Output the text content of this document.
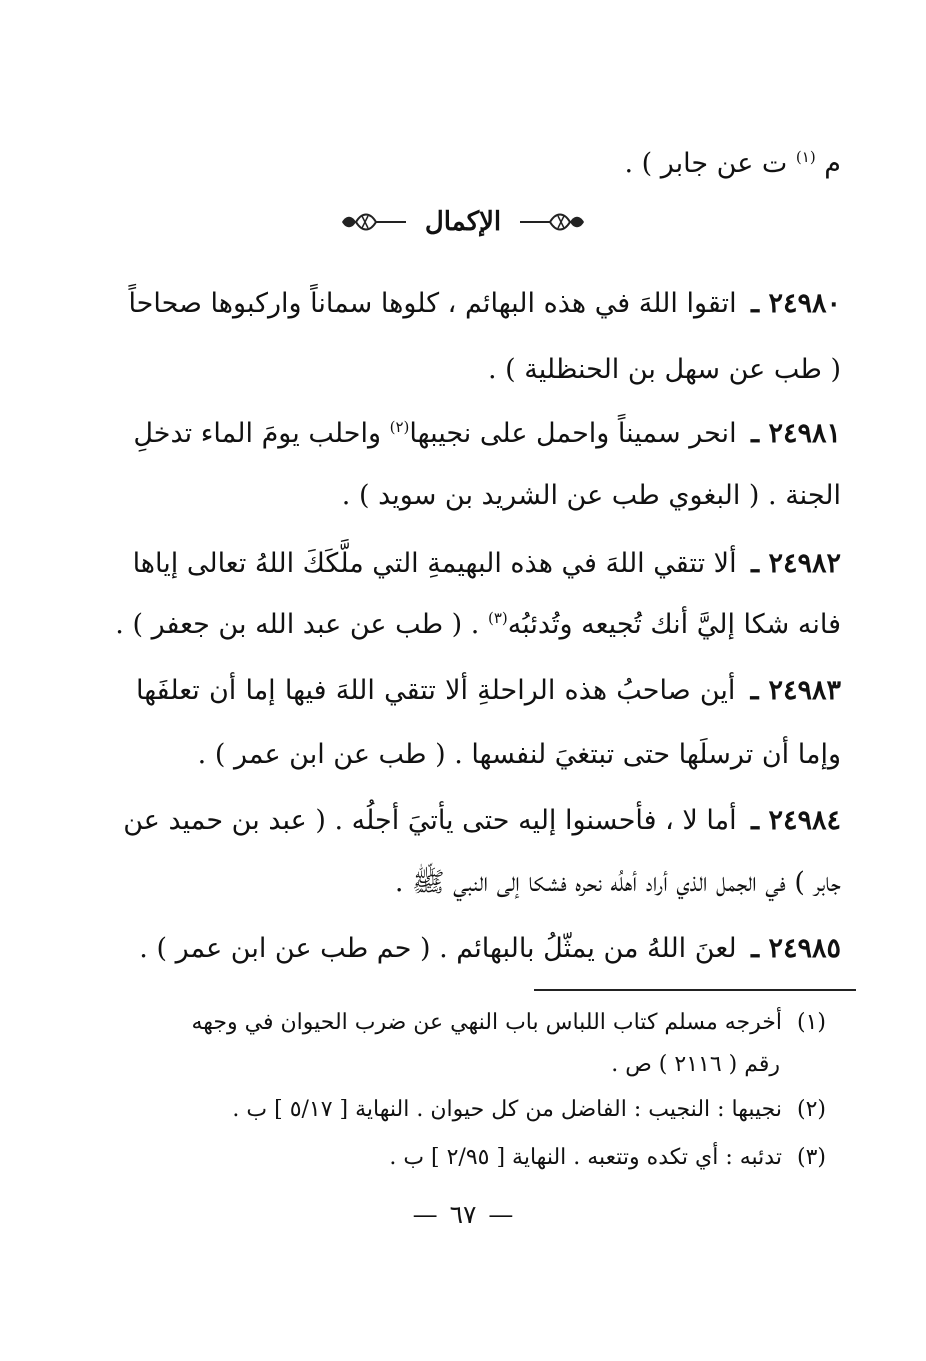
م $^{(١)}$ ت عن جابر ) .
الإكمال
٢٤٩٨٠ ـ اتقوا اللهَ في هذه البهائم ، كلوها سماناً واركبوها صحاحاً
( طب عن سهل بن الحنظلية ) .
٢٤٩٨١ ـ انحر سميناً واحمل على نجيبها$^{(٢)}$ واحلب يومَ الماء تدخلِ
الجنة . ( البغوي طب عن الشريد بن سويد ) .
٢٤٩٨٢ ـ ألا تتقي اللهَ في هذه البهيمةِ التي ملَّكَكَ اللهُ تعالى إياها
فانه شكا إليَّ أنك تُجيعه وتُدئبُه$^{(٣)}$ . ( طب عن عبد الله بن جعفر ) .
٢٤٩٨٣ ـ أين صاحبُ هذه الراحلةِ ألا تتقي اللهَ فيها إما أن تعلفَها
وإما أن ترسلَها حتى تبتغيَ لنفسها . ( طب عن ابن عمر ) .
٢٤٩٨٤ ـ أما لا ، فأحسنوا إليه حتى يأتيَ أجلُه . ( عبد بن حميد عن
جابر ) في الجمل الذي أراد أهلُه نحره فشكا إلى النبي ﷺ .
٢٤٩٨٥ ـ لعنَ اللهُ من يمثّلُ بالبهائم . ( حم طب عن ابن عمر ) .
(١) أخرجه مسلم كتاب اللباس باب النهي عن ضرب الحيوان في وجهه
رقم ( ٢١١٦ ) ص .
(٢) نجيبها : النجيب : الفاضل من كل حيوان . النهاية [ ٥/١٧ ] ب .
(٣) تدئبه : أي تكده وتتعبه . النهاية [ ٢/٩٥ ] ب .
—٦٧—
